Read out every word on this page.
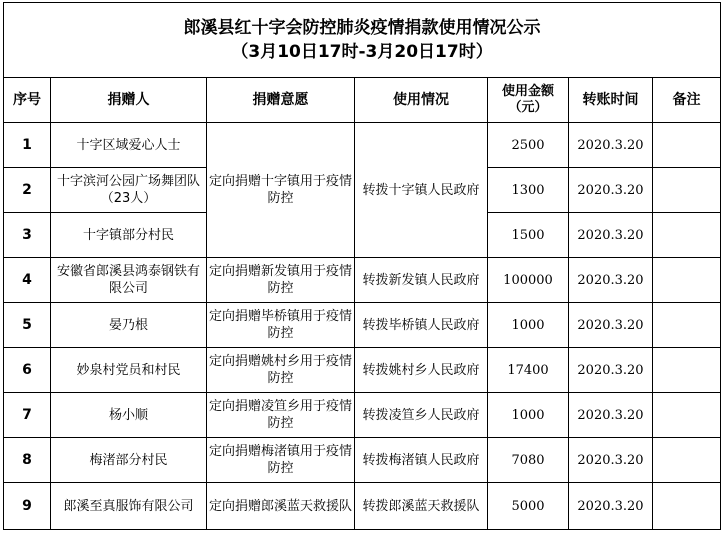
郎溪县红十字会防控肺炎疫情捐款使用情况公示
（3月10日17时-3月20日17时）						

序号	捐赠人	捐赠意愿	使用情况	使用金额（元）	转账时间	备注
1	十字区域爱心人士	定向捐赠十字镇用于疫情防控	转拨十字镇人民政府	2500	2020.3.20	
2	十字滨河公园广场舞团队（23人）			1300	2020.3.20	
3	十字镇部分村民			1500	2020.3.20	
4	安徽省郎溪县鸿泰钢铁有限公司	定向捐赠新发镇用于疫情防控	转拨新发镇人民政府	100000	2020.3.20	
5	晏乃根	定向捐赠毕桥镇用于疫情防控	转拨毕桥镇人民政府	1000	2020.3.20	
6	妙泉村党员和村民	定向捐赠姚村乡用于疫情防控	转拨姚村乡人民政府	17400	2020.3.20	
7	杨小顺	定向捐赠凌笪乡用于疫情防控	转拨凌笪乡人民政府	1000	2020.3.20	
8	梅渚部分村民	定向捐赠梅渚镇用于疫情防控	转拨梅渚镇人民政府	7080	2020.3.20	
9	郎溪至真服饰有限公司	定向捐赠郎溪蓝天救援队	转拨郎溪蓝天救援队	5000	2020.3.20	
